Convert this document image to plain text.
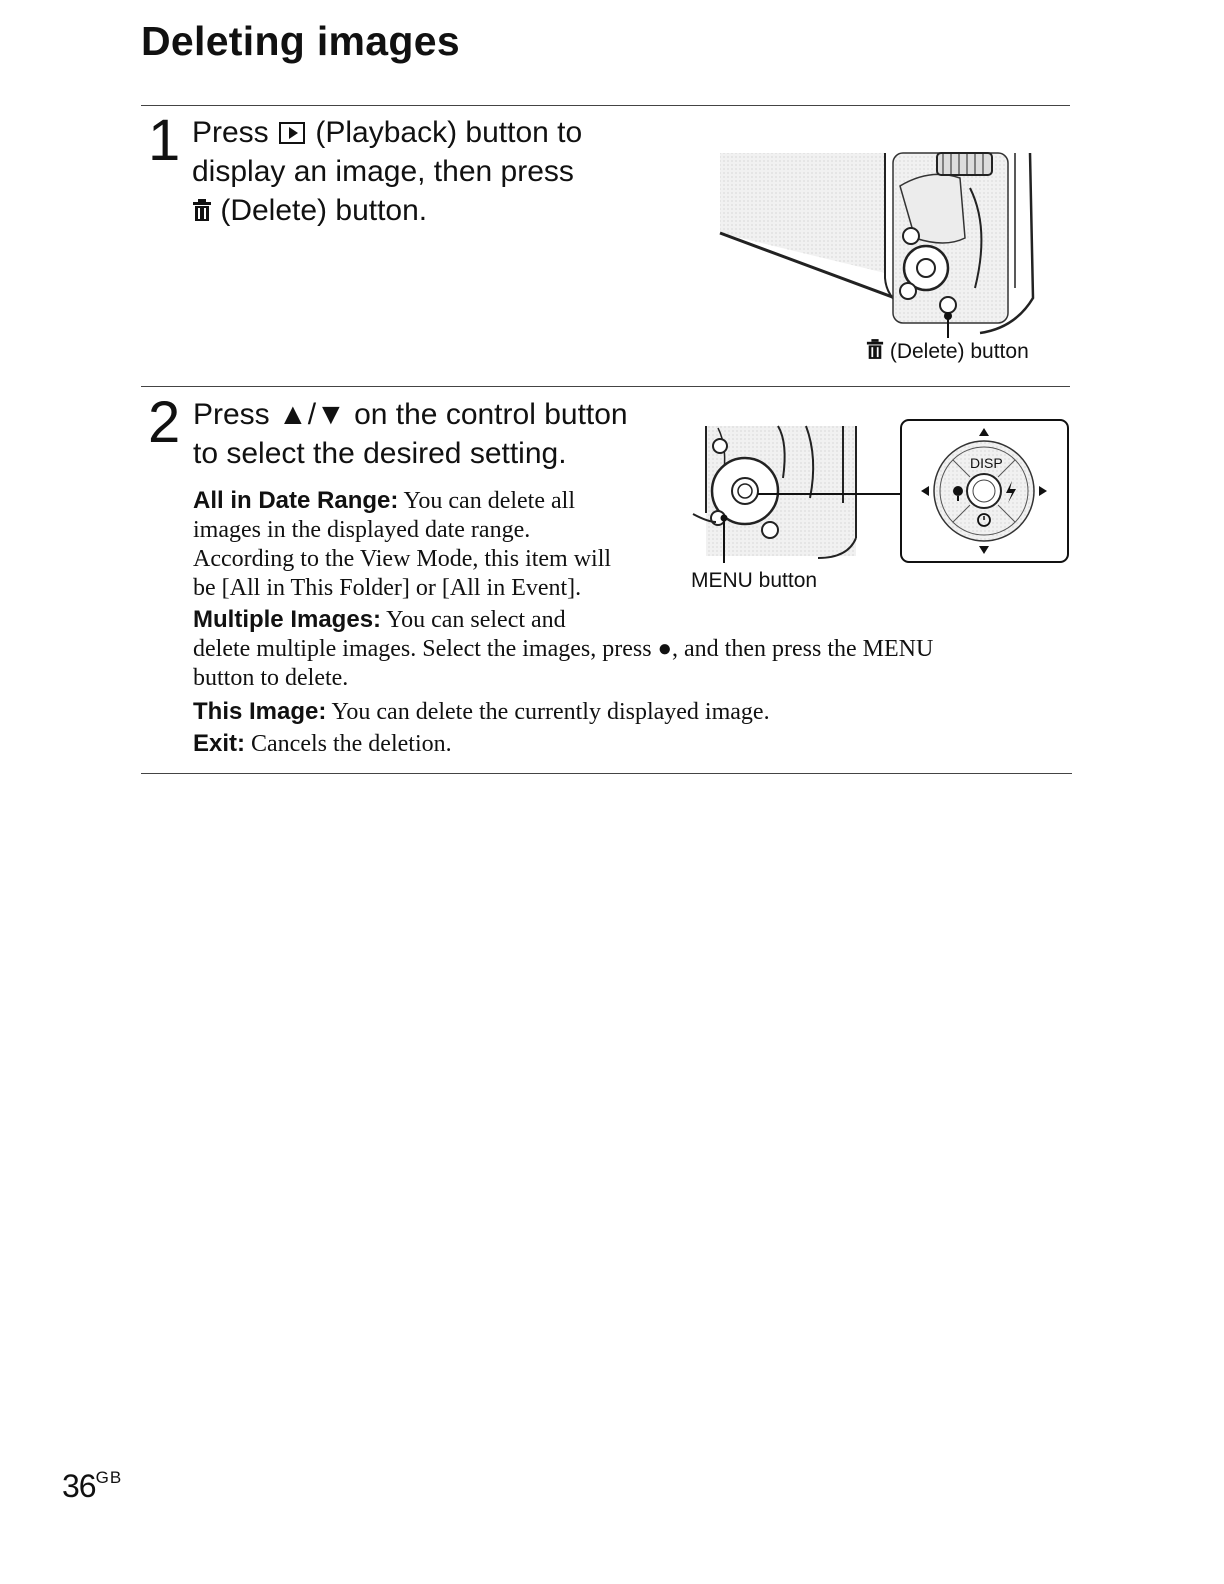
Deleting images
1 Press (Playback) button to
display an image, then press
(Delete) button.
(Delete) button
2 Press ▲/▼ on the control button
to select the desired setting.	DISP
MENU button
All in Date Range: You can delete all
images in the displayed date range.
According to the View Mode, this item will
be [All in This Folder] or [All in Event].
Multiple Images: You can select and
delete multiple images. Select the images, press ●, and then press the MENU
button to delete.
This Image: You can delete the currently displayed image.
Exit: Cancels the deletion.
$36^{GB}$
